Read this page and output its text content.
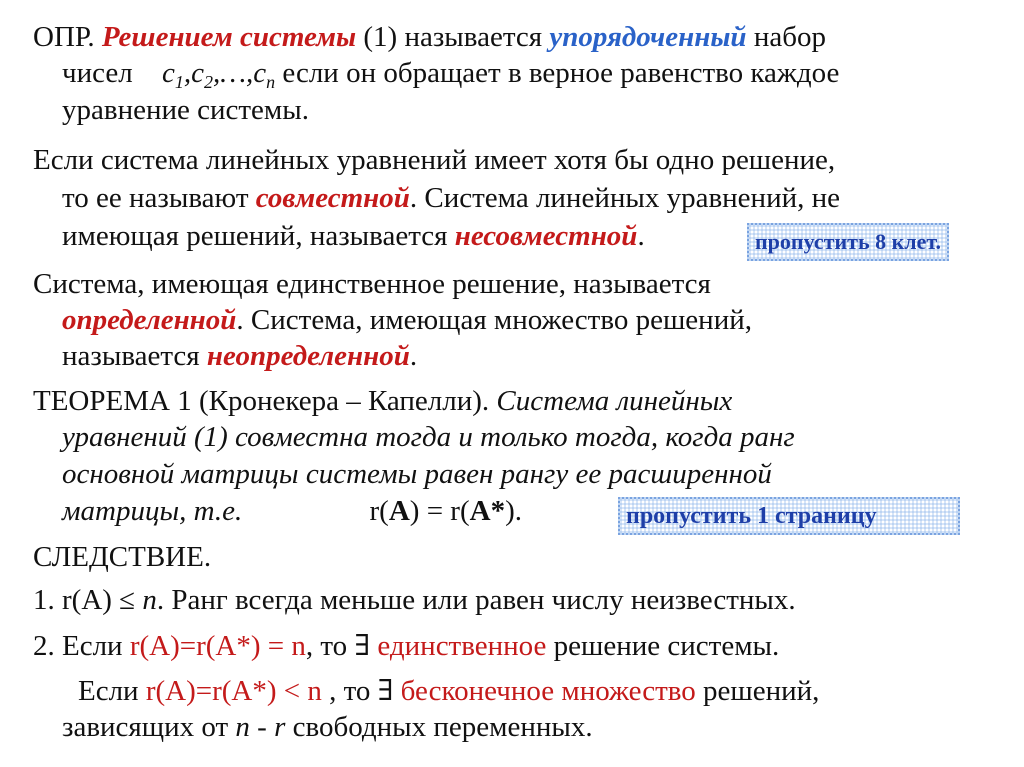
ОПР. Решением системы (1) называется упорядоченный набор
чисел $c_1,c_2,\dots,c_n$ если он обращает в верное равенство каждое
уравнение системы.
Если система линейных уравнений имеет хотя бы одно решение,
то ее называют совместной. Система линейных уравнений, не
имеющая решений, называется несовместной.	пропустить 8 клет.
Система, имеющая единственное решение, называется
определенной. Система, имеющая множество решений,
называется неопределенной.
ТЕОРЕМА 1 (Кронекера – Капелли). Система линейных
уравнений (1) совместна тогда и только тогда, когда ранг
основной матрицы системы равен рангу ее расширенной
матрицы, т.е.	r(A) = r(A*).	пропустить 1 страницу
СЛЕДСТВИЕ.
1. r(A) ≤ n. Ранг всегда меньше или равен числу неизвестных.
2. Если r(A)=r(A*) = n, то ∃ единственное решение системы.
Если r(A)=r(A*) < n , то ∃ бесконечное множество решений,
зависящих от n - r свободных переменных.
